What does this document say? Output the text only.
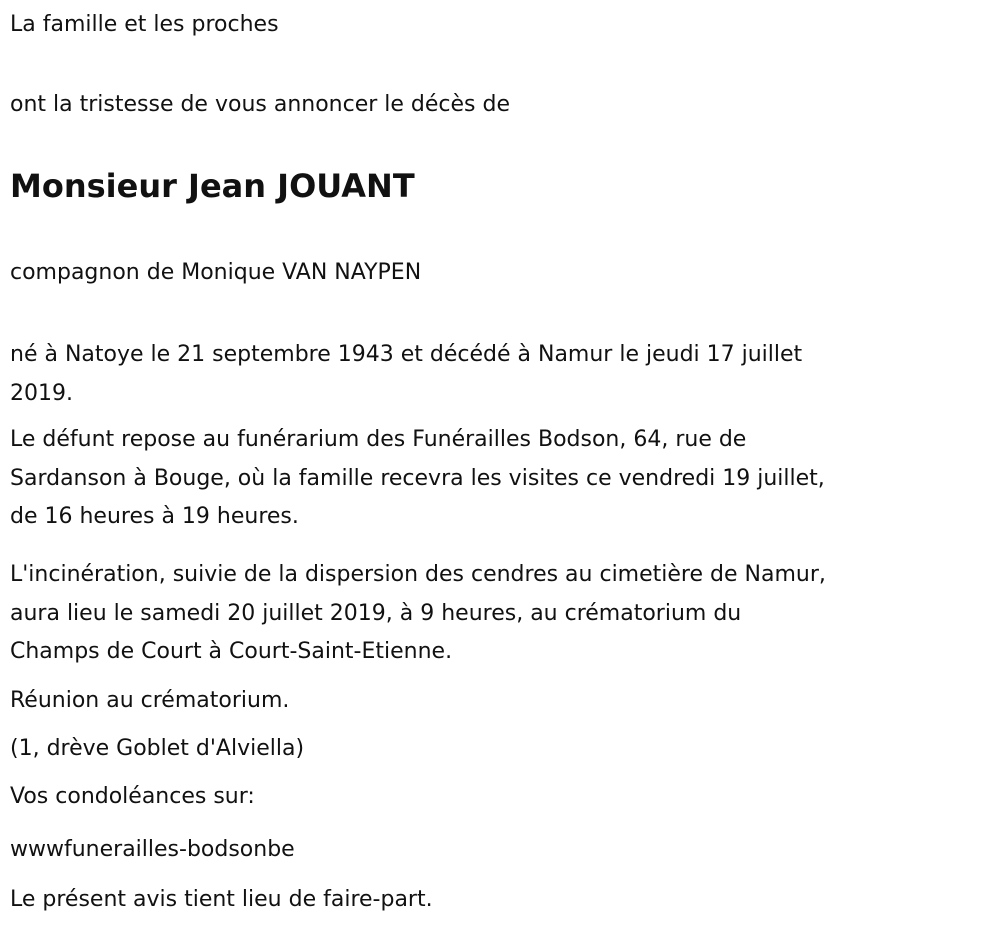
La famille et les proches
ont la tristesse de vous annoncer le décès de
Monsieur Jean JOUANT
compagnon de Monique VAN NAYPEN
né à Natoye le 21 septembre 1943 et décédé à Namur le jeudi 17 juillet
2019.
Le défunt repose au funérarium des Funérailles Bodson, 64, rue de
Sardanson à Bouge, où la famille recevra les visites ce vendredi 19 juillet,
de 16 heures à 19 heures.
L'incinération, suivie de la dispersion des cendres au cimetière de Namur,
aura lieu le samedi 20 juillet 2019, à 9 heures, au crématorium du
Champs de Court à Court-Saint-Etienne.
Réunion au crématorium.
(1, drève Goblet d'Alviella)
Vos condoléances sur:
wwwfunerailles-bodsonbe
Le présent avis tient lieu de faire-part.
